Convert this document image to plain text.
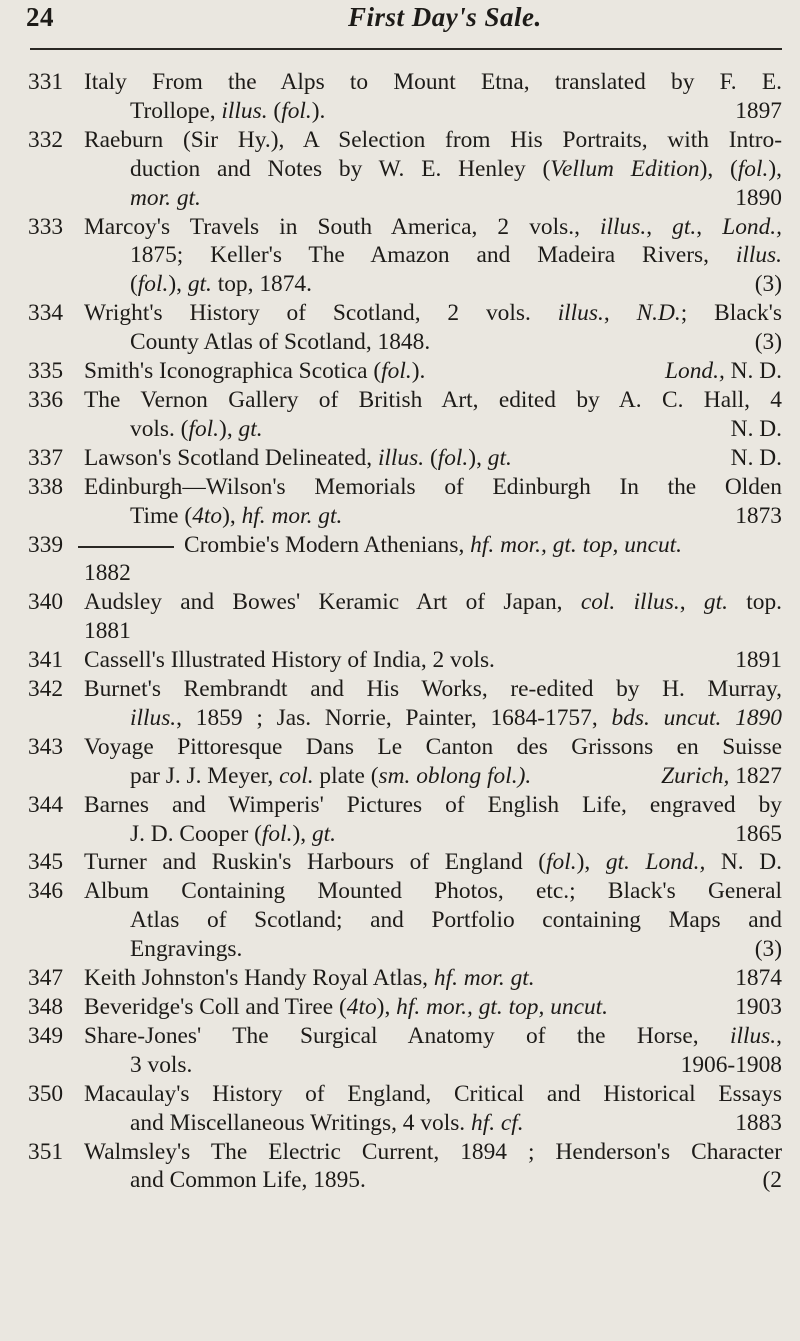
24	First Day's Sale.
331 Italy From the Alps to Mount Etna, translated by F. E.
Trollope, illus. (fol.).	1897
332 Raeburn (Sir Hy.), A Selection from His Portraits, with Intro-
duction and Notes by W. E. Henley (Vellum Edition), (fol.),
mor. gt.	1890
333 Marcoy's Travels in South America, 2 vols., illus., gt., Lond.,
1875; Keller's The Amazon and Madeira Rivers, illus.
(fol.), gt. top, 1874.	(3)
334 Wright's History of Scotland, 2 vols. illus., N.D.; Black's
County Atlas of Scotland, 1848.	(3)
335 Smith's Iconographica Scotica (fol.).	Lond., N. D.
336 The Vernon Gallery of British Art, edited by A. C. Hall, 4
vols. (fol.), gt.	N. D.
337 Lawson's Scotland Delineated, illus. (fol.), gt.	N. D.
338 Edinburgh—Wilson's Memorials of Edinburgh In the Olden
Time (4to), hf. mor. gt.	1873
339	Crombie's Modern Athenians, hf. mor., gt. top, uncut.
1882
340 Audsley and Bowes' Keramic Art of Japan, col. illus., gt. top.
1881
341 Cassell's Illustrated History of India, 2 vols.	1891
342 Burnet's Rembrandt and His Works, re-edited by H. Murray,
illus., 1859 ; Jas. Norrie, Painter, 1684-1757, bds. uncut. 1890
343 Voyage Pittoresque Dans Le Canton des Grissons en Suisse
par J. J. Meyer, col. plate (sm. oblong fol.).	Zurich, 1827
344 Barnes and Wimperis' Pictures of English Life, engraved by
J. D. Cooper (fol.), gt.	1865
345 Turner and Ruskin's Harbours of England (fol.), gt. Lond., N. D.
346 Album Containing Mounted Photos, etc.; Black's General
Atlas of Scotland; and Portfolio containing Maps and
Engravings.	(3)
347 Keith Johnston's Handy Royal Atlas, hf. mor. gt.	1874
348 Beveridge's Coll and Tiree (4to), hf. mor., gt. top, uncut.	1903
349 Share-Jones' The Surgical Anatomy of the Horse, illus.,
3 vols.	1906-1908
350 Macaulay's History of England, Critical and Historical Essays
and Miscellaneous Writings, 4 vols. hf. cf.	1883
351 Walmsley's The Electric Current, 1894 ; Henderson's Character
and Common Life, 1895.	(2
